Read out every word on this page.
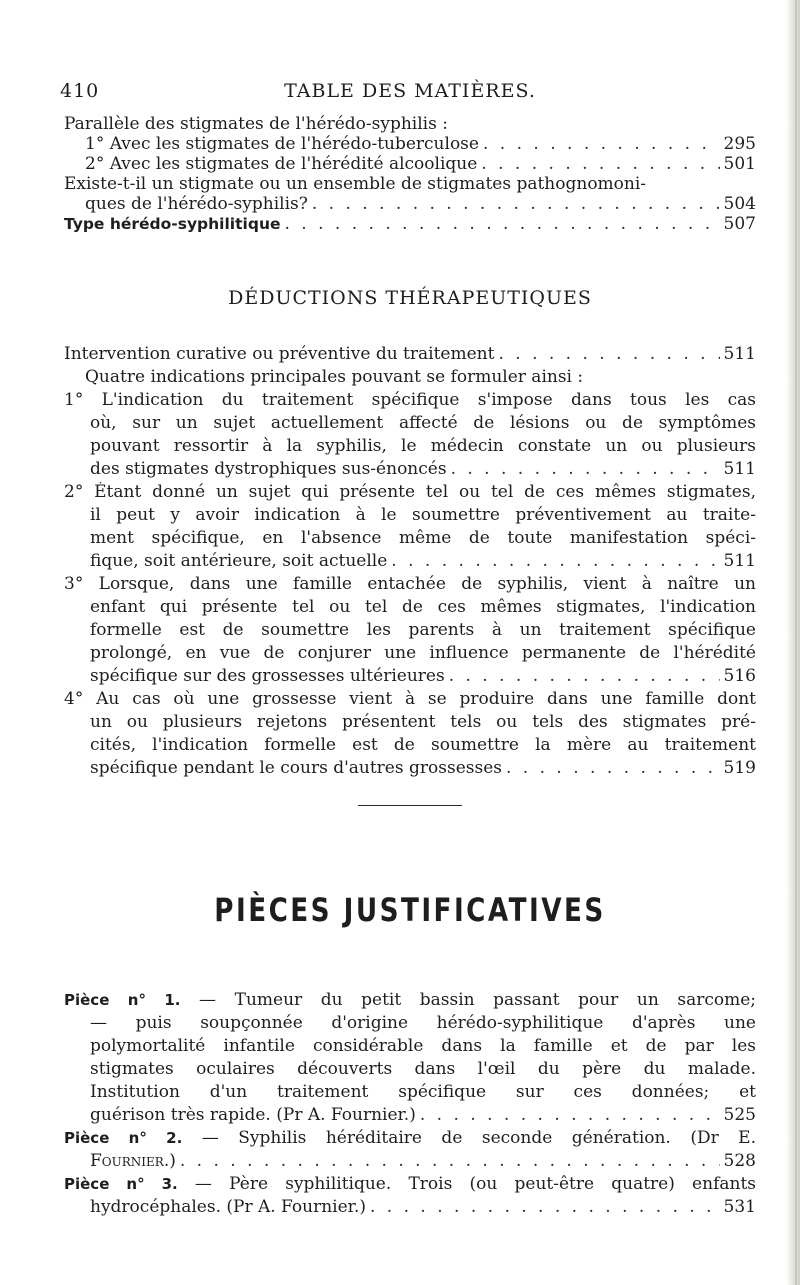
410	TABLE DES MATIÈRES.
Parallèle des stigmates de l'hérédo-syphilis :
1° Avec les stigmates de l'hérédo-tuberculose . . .	295
2° Avec les stigmates de l'hérédité alcoolique . . .	501
Existe-t-il un stigmate ou un ensemble de stigmates pathognomoni-
ques de l'hérédo-syphilis? . . .	504
Type hérédo-syphilitique . . .	507
DÉDUCTIONS THÉRAPEUTIQUES
Intervention curative ou préventive du traitement . . .	511
Quatre indications principales pouvant se formuler ainsi :
1° L'indication du traitement spécifique s'impose dans tous les cas
où, sur un sujet actuellement affecté de lésions ou de symptômes
pouvant ressortir à la syphilis, le médecin constate un ou plusieurs
des stigmates dystrophiques sus-énoncés . . .	511
2° Étant donné un sujet qui présente tel ou tel de ces mêmes stigmates,
il peut y avoir indication à le soumettre préventivement au traite-
ment spécifique, en l'absence même de toute manifestation spéci-
fique, soit antérieure, soit actuelle . . .	511
3° Lorsque, dans une famille entachée de syphilis, vient à naître un
enfant qui présente tel ou tel de ces mêmes stigmates, l'indication
formelle est de soumettre les parents à un traitement spécifique
prolongé, en vue de conjurer une influence permanente de l'hérédité
spécifique sur des grossesses ultérieures . . .	516
4° Au cas où une grossesse vient à se produire dans une famille dont
un ou plusieurs rejetons présentent tels ou tels des stigmates pré-
cités, l'indication formelle est de soumettre la mère au traitement
spécifique pendant le cours d'autres grossesses . . .	519
PIÈCES JUSTIFICATIVES
Pièce n° 1. — Tumeur du petit bassin passant pour un sarcome;
— puis soupçonnée d'origine hérédo-syphilitique d'après une
polymortalité infantile considérable dans la famille et de par les
stigmates oculaires découverts dans l'œil du père du malade.
Institution d'un traitement spécifique sur ces données; et
guérison très rapide. (Pr A. Fournier.) . . .	525
Pièce n° 2. — Syphilis héréditaire de seconde génération. (Dr E.
Fournier.) . . .	528
Pièce n° 3. — Père syphilitique. Trois (ou peut-être quatre) enfants
hydrocéphales. (Pr A. Fournier.) . . .	531
